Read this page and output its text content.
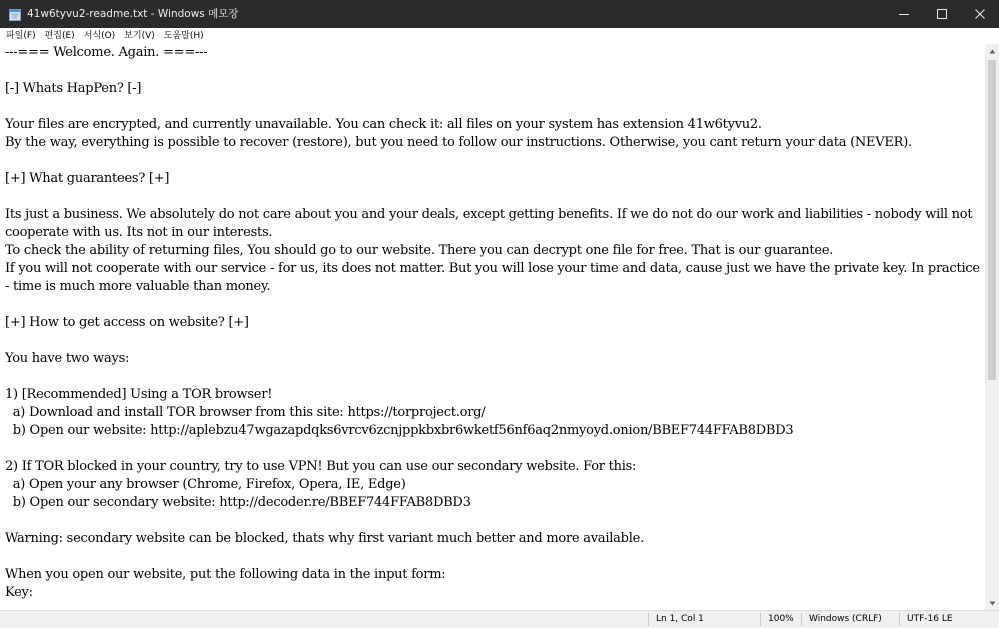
41w6tyvu2-readme.txt - Windows 메모장
파일(F) 편집(E) 서식(O) 보기(V) 도움말(H)
---=== Welcome. Again. ===---

[-] Whats HapPen? [-]

Your files are encrypted, and currently unavailable. You can check it: all files on your system has extension 41w6tyvu2.
By the way, everything is possible to recover (restore), but you need to follow our instructions. Otherwise, you cant return your data (NEVER).

[+] What guarantees? [+]

Its just a business. We absolutely do not care about you and your deals, except getting benefits. If we do not do our work and liabilities - nobody will not cooperate with us. Its not in our interests.
To check the ability of returning files, You should go to our website. There you can decrypt one file for free. That is our guarantee.
If you will not cooperate with our service - for us, its does not matter. But you will lose your time and data, cause just we have the private key. In practice - time is much more valuable than money.

[+] How to get access on website? [+]

You have two ways:

1) [Recommended] Using a TOR browser!
a) Download and install TOR browser from this site: https://torproject.org/
b) Open our website: http://aplebzu47wgazapdqks6vrcv6zcnjppkbxbr6wketf56nf6aq2nmyoyd.onion/BBEF744FFAB8DBD3

2) If TOR blocked in your country, try to use VPN! But you can use our secondary website. For this:
a) Open your any browser (Chrome, Firefox, Opera, IE, Edge)
b) Open our secondary website: http://decoder.re/BBEF744FFAB8DBD3

Warning: secondary website can be blocked, thats why first variant much better and more available.

When you open our website, put the following data in the input form:
Key:
Ln 1, Col 1	100% Windows (CRLF)	UTF-16 LE
